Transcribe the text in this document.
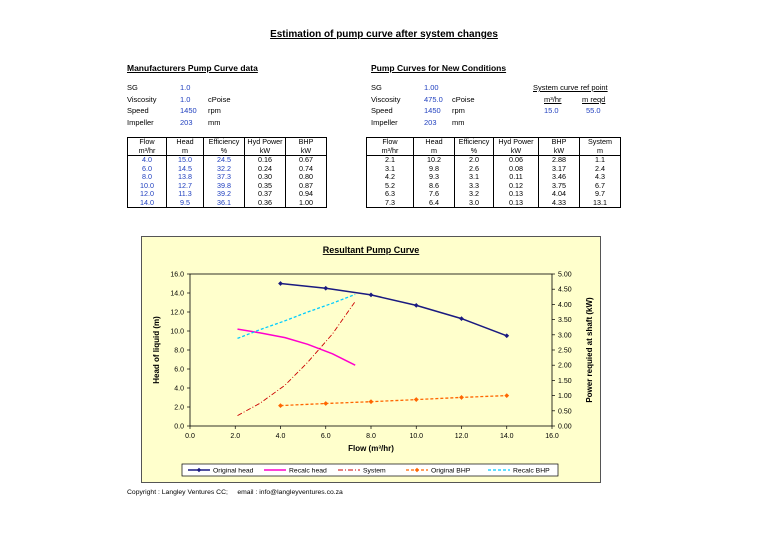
Estimation of pump curve after system changes
Manufacturers Pump Curve data
SG	1.0
Viscosity	1.0 cPoise
Speed	1450 rpm
Impeller	203 mm
Pump Curves for New Conditions
SG	1.00
Viscosity	475.0 cPoise
Speed	1450 rpm
Impeller	203 mm
System curve ref point
m³/hr	m reqd
15.0	55.0
Flow	Head	Efficiency	Hyd Power	BHP
m³/hr	m	%	kW	kW
4.0	15.0	24.5	0.16	0.67
6.0	14.5	32.2	0.24	0.74
8.0	13.8	37.3	0.30	0.80
10.0	12.7	39.8	0.35	0.87
12.0	11.3	39.2	0.37	0.94
14.0	9.5	36.1	0.36	1.00
Flow	Head	Efficiency	Hyd Power	BHP	System
m³/hr	m	%	kW	kW	m
2.1	10.2	2.0	0.06	2.88	1.1
3.1	9.8	2.6	0.08	3.17	2.4
4.2	9.3	3.1	0.11	3.46	4.3
5.2	8.6	3.3	0.12	3.75	6.7
6.3	7.6	3.2	0.13	4.04	9.7
7.3	6.4	3.0	0.13	4.33	13.1
Resultant Pump Curve
0.0
2.0
4.0
6.0
8.0
10.0
12.0
14.0
16.0
0.00
0.50
1.00
1.50
2.00
2.50
3.00
3.50
4.00
4.50
5.00
0.0	2.0	4.0	6.0	8.0	10.0	12.0	14.0	16.0
Flow (m³/hr)
Head of liquid (m)	Power requied at shaft (kW)
Original head	Recalc head	System	Original BHP	Recalc BHP
Copyright : Langley Ventures CC;     email : info@langleyventures.co.za
